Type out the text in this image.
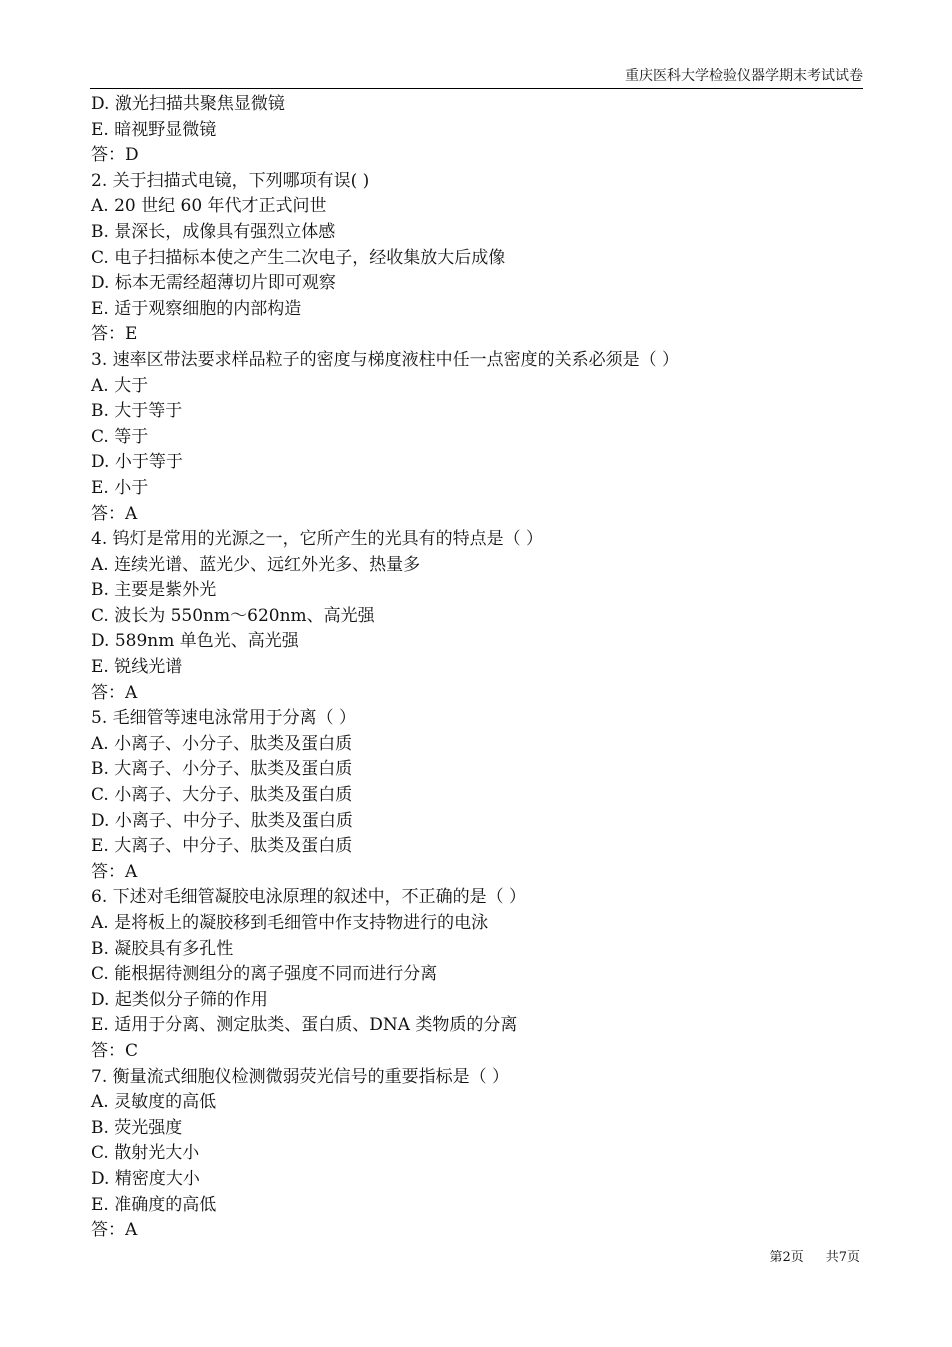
重庆医科大学检验仪器学期末考试试卷
D. 激光扫描共聚焦显微镜
E. 暗视野显微镜
答：D
2. 关于扫描式电镜，下列哪项有误( )
A. 20 世纪 60 年代才正式问世
B. 景深长，成像具有强烈立体感
C. 电子扫描标本使之产生二次电子，经收集放大后成像
D. 标本无需经超薄切片即可观察
E. 适于观察细胞的内部构造
答：E
3. 速率区带法要求样品粒子的密度与梯度液柱中任一点密度的关系必须是（ ）
A. 大于
B. 大于等于
C. 等于
D. 小于等于
E. 小于
答：A
4. 钨灯是常用的光源之一，它所产生的光具有的特点是（ ）
A. 连续光谱、蓝光少、远红外光多、热量多
B. 主要是紫外光
C. 波长为 550nm～620nm、高光强
D. 589nm 单色光、高光强
E. 锐线光谱
答：A
5. 毛细管等速电泳常用于分离（ ）
A. 小离子、小分子、肽类及蛋白质
B. 大离子、小分子、肽类及蛋白质
C. 小离子、大分子、肽类及蛋白质
D. 小离子、中分子、肽类及蛋白质
E. 大离子、中分子、肽类及蛋白质
答：A
6. 下述对毛细管凝胶电泳原理的叙述中，不正确的是（ ）
A. 是将板上的凝胶移到毛细管中作支持物进行的电泳
B. 凝胶具有多孔性
C. 能根据待测组分的离子强度不同而进行分离
D. 起类似分子筛的作用
E. 适用于分离、测定肽类、蛋白质、DNA 类物质的分离
答：C
7. 衡量流式细胞仪检测微弱荧光信号的重要指标是（ ）
A. 灵敏度的高低
B. 荧光强度
C. 散射光大小
D. 精密度大小
E. 准确度的高低
答：A
第2页 共7页
